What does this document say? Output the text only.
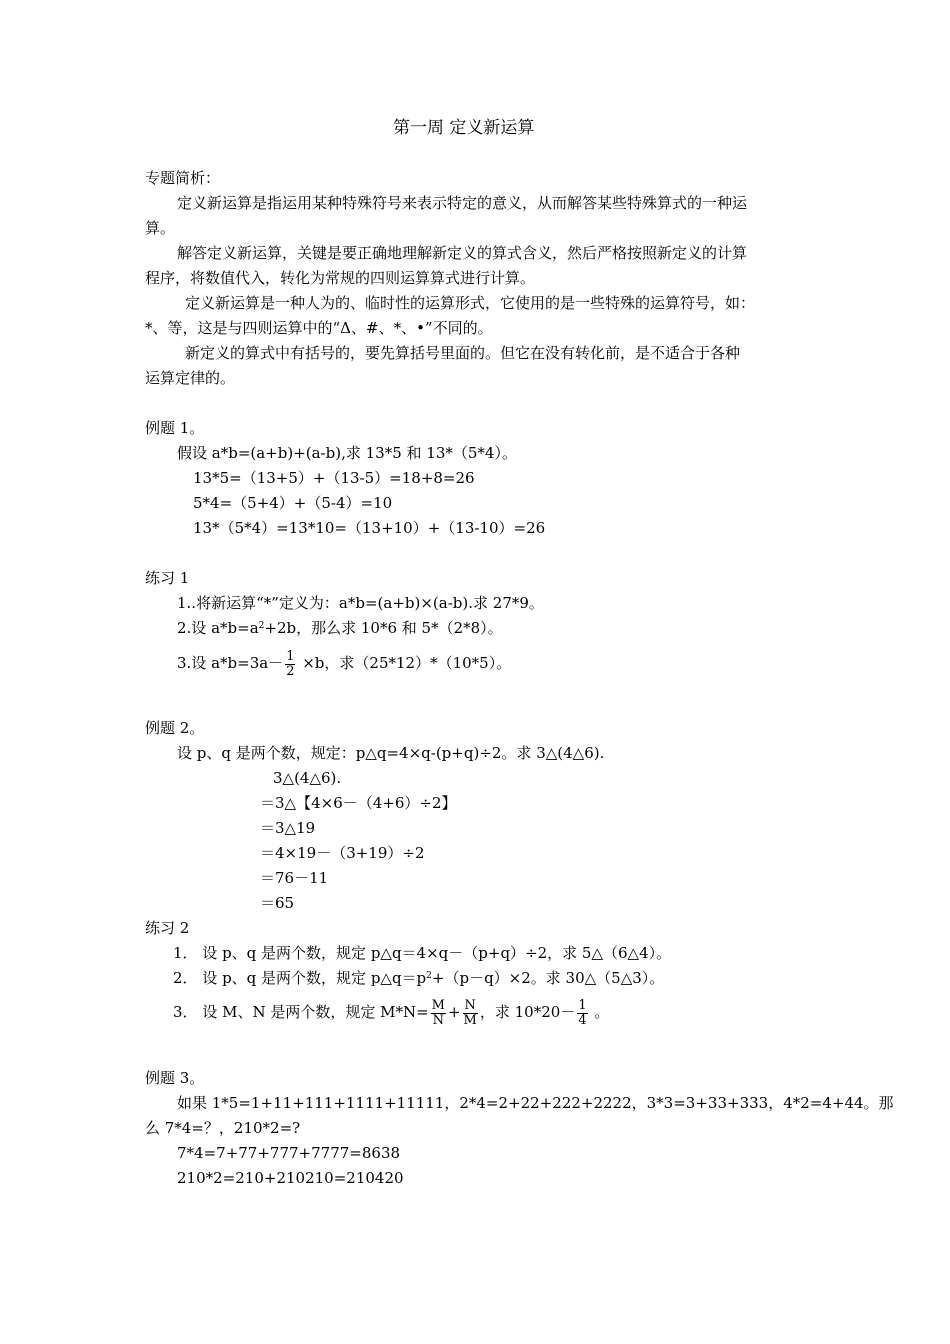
第一周 定义新运算
专题简析：
定义新运算是指运用某种特殊符号来表示特定的意义，从而解答某些特殊算式的一种运
算。
解答定义新运算，关键是要正确地理解新定义的算式含义，然后严格按照新定义的计算
程序，将数值代入，转化为常规的四则运算算式进行计算。
定义新运算是一种人为的、临时性的运算形式，它使用的是一些特殊的运算符号，如：
*、等，这是与四则运算中的“Δ、#、*、•”不同的。
新定义的算式中有括号的，要先算括号里面的。但它在没有转化前，是不适合于各种
运算定律的。
例题 1。
假设 a*b=(a+b)+(a-b),求 13*5 和 13*（5*4）。
13*5=（13+5）+（13-5）=18+8=26
5*4=（5+4）+（5-4）=10
13*（5*4）=13*10=（13+10）+（13-10）=26
练习 1
1..将新运算“*”定义为：a*b=(a+b)×(a-b).求 27*9。
2.设 $a*b=a^2+2b$，那么求 10*6 和 5*（2*8）。
3.设 $a*b=3a- \frac{1}{2} \times b$，求（25*12）*（10*5）。
例题 2。
设 p、q 是两个数，规定：p△q=4×q-(p+q)÷2。求 3△(4△6).
3△(4△6).
＝3△【4×6－（4+6）÷2】
＝3△19
＝4×19－（3+19）÷2
＝76－11
＝65
练习 2
1． 设 p、q 是两个数，规定 p△q＝4×q－（p+q）÷2，求 5△（6△4）。
2． 设 p、q 是两个数，规定 $p\triangle q=p^2+(p-q)\times 2$。求 30△（5△3）。
3． 设 M、N 是两个数，规定 $M*N= \frac{M}{N} + \frac{N}{M}$ ，求 $10*20- \frac{1}{4}$ 。
例题 3。
如果 1*5=1+11+111+1111+11111，2*4=2+22+222+2222，3*3=3+33+333，4*2=4+44。那
么 7*4=？，210*2=?
7*4=7+77+777+7777=8638
210*2=210+210210=210420
